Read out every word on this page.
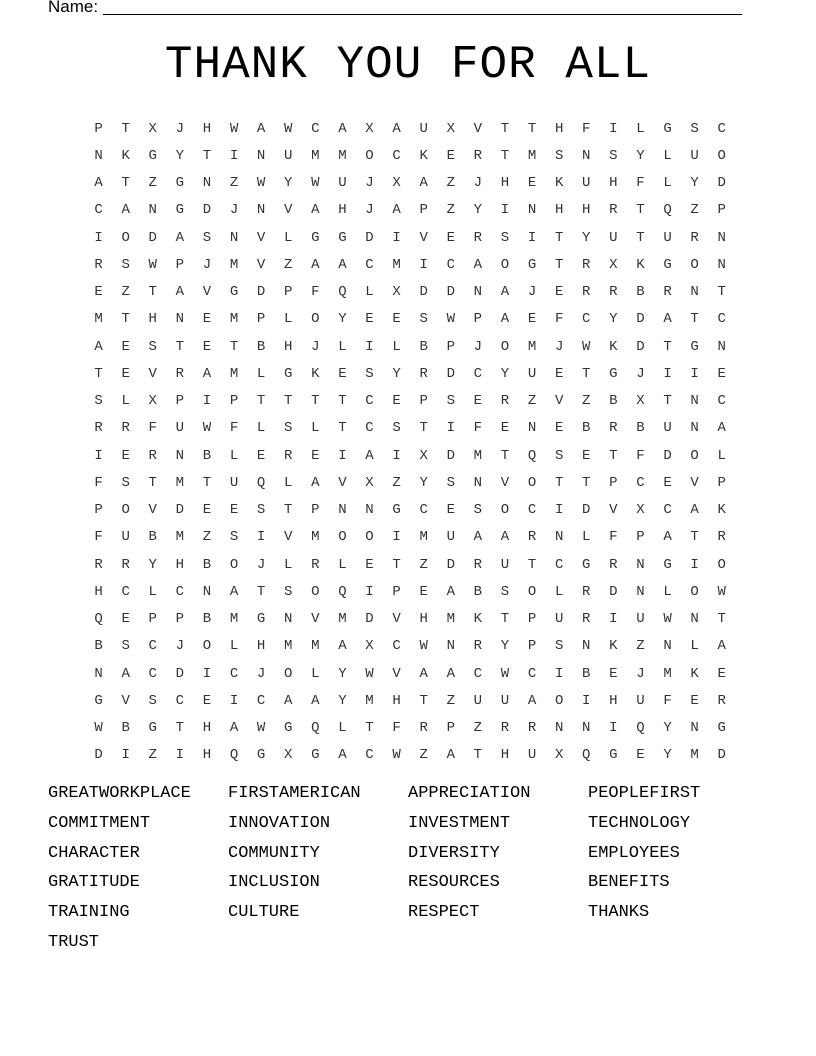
Name:
THANK YOU FOR ALL
P	T	X	J	H	W	A	W	C	A	X	A	U	X	V	T	T	H	F	I	L	G	S	C
N	K	G	Y	T	I	N	U	M	M	O	C	K	E	R	T	M	S	N	S	Y	L	U	O
A	T	Z	G	N	Z	W	Y	W	U	J	X	A	Z	J	H	E	K	U	H	F	L	Y	D
C	A	N	G	D	J	N	V	A	H	J	A	P	Z	Y	I	N	H	H	R	T	Q	Z	P
I	O	D	A	S	N	V	L	G	G	D	I	V	E	R	S	I	T	Y	U	T	U	R	N
R	S	W	P	J	M	V	Z	A	A	C	M	I	C	A	O	G	T	R	X	K	G	O	N
E	Z	T	A	V	G	D	P	F	Q	L	X	D	D	N	A	J	E	R	R	B	R	N	T
M	T	H	N	E	M	P	L	O	Y	E	E	S	W	P	A	E	F	C	Y	D	A	T	C
A	E	S	T	E	T	B	H	J	L	I	L	B	P	J	O	M	J	W	K	D	T	G	N
T	E	V	R	A	M	L	G	K	E	S	Y	R	D	C	Y	U	E	T	G	J	I	I	E
S	L	X	P	I	P	T	T	T	T	C	E	P	S	E	R	Z	V	Z	B	X	T	N	C
R	R	F	U	W	F	L	S	L	T	C	S	T	I	F	E	N	E	B	R	B	U	N	A
I	E	R	N	B	L	E	R	E	I	A	I	X	D	M	T	Q	S	E	T	F	D	O	L
F	S	T	M	T	U	Q	L	A	V	X	Z	Y	S	N	V	O	T	T	P	C	E	V	P
P	O	V	D	E	E	S	T	P	N	N	G	C	E	S	O	C	I	D	V	X	C	A	K
F	U	B	M	Z	S	I	V	M	O	O	I	M	U	A	A	R	N	L	F	P	A	T	R
R	R	Y	H	B	O	J	L	R	L	E	T	Z	D	R	U	T	C	G	R	N	G	I	O
H	C	L	C	N	A	T	S	O	Q	I	P	E	A	B	S	O	L	R	D	N	L	O	W
Q	E	P	P	B	M	G	N	V	M	D	V	H	M	K	T	P	U	R	I	U	W	N	T
B	S	C	J	O	L	H	M	M	A	X	C	W	N	R	Y	P	S	N	K	Z	N	L	A
N	A	C	D	I	C	J	O	L	Y	W	V	A	A	C	W	C	I	B	E	J	M	K	E
G	V	S	C	E	I	C	A	A	Y	M	H	T	Z	U	U	A	O	I	H	U	F	E	R
W	B	G	T	H	A	W	G	Q	L	T	F	R	P	Z	R	R	N	N	I	Q	Y	N	G
D	I	Z	I	H	Q	G	X	G	A	C	W	Z	A	T	H	U	X	Q	G	E	Y	M	D
GREATWORKPLACE	FIRSTAMERICAN	APPRECIATION	PEOPLEFIRST
COMMITMENT	INNOVATION	INVESTMENT	TECHNOLOGY
CHARACTER	COMMUNITY	DIVERSITY	EMPLOYEES
GRATITUDE	INCLUSION	RESOURCES	BENEFITS
TRAINING	CULTURE	RESPECT	THANKS
TRUST
